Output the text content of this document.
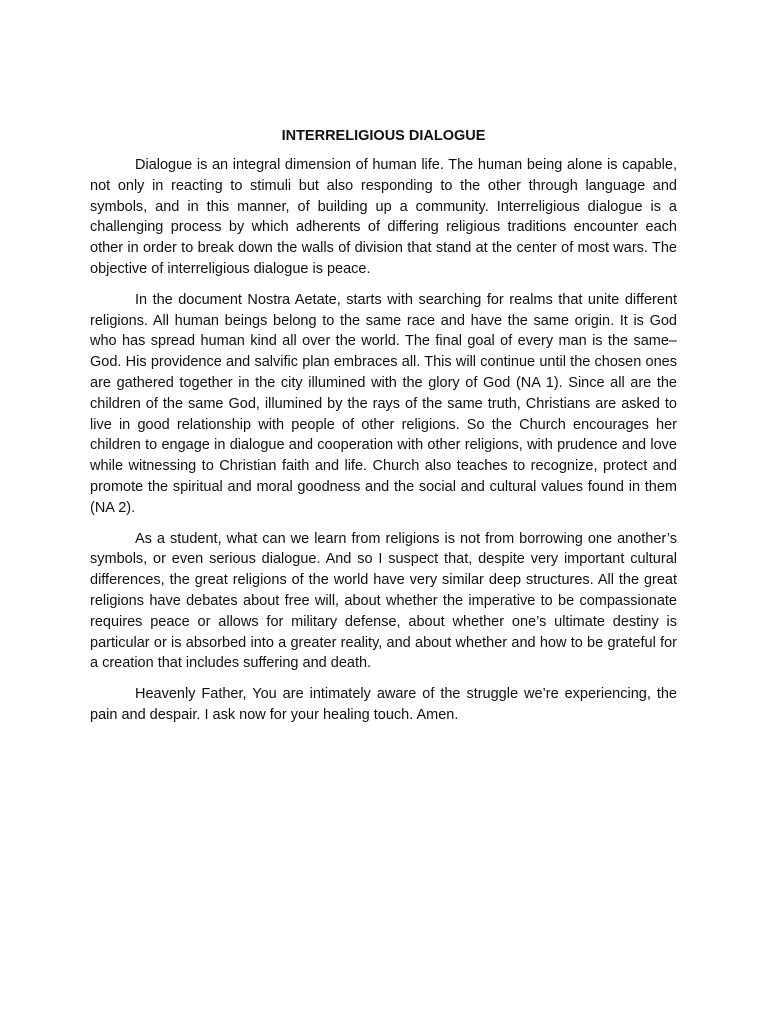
INTERRELIGIOUS DIALOGUE

Dialogue is an integral dimension of human life. The human being alone is capable, not only in reacting to stimuli but also responding to the other through language and symbols, and in this manner, of building up a community. Interreligious dialogue is a challenging process by which adherents of differing religious traditions encounter each other in order to break down the walls of division that stand at the center of most wars. The objective of interreligious dialogue is peace.

In the document Nostra Aetate, starts with searching for realms that unite different religions. All human beings belong to the same race and have the same origin. It is God who has spread human kind all over the world. The final goal of every man is the same–God. His providence and salvific plan embraces all. This will continue until the chosen ones are gathered together in the city illumined with the glory of God (NA 1). Since all are the children of the same God, illumined by the rays of the same truth, Christians are asked to live in good relationship with people of other religions. So the Church encourages her children to engage in dialogue and cooperation with other religions, with prudence and love while witnessing to Christian faith and life. Church also teaches to recognize, protect and promote the spiritual and moral goodness and the social and cultural values found in them (NA 2).

As a student, what can we learn from religions is not from borrowing one another’s symbols, or even serious dialogue. And so I suspect that, despite very important cultural differences, the great religions of the world have very similar deep structures. All the great religions have debates about free will, about whether the imperative to be compassionate requires peace or allows for military defense, about whether one’s ultimate destiny is particular or is absorbed into a greater reality, and about whether and how to be grateful for a creation that includes suffering and death.

Heavenly Father, You are intimately aware of the struggle we’re experiencing, the pain and despair. I ask now for your healing touch. Amen.
